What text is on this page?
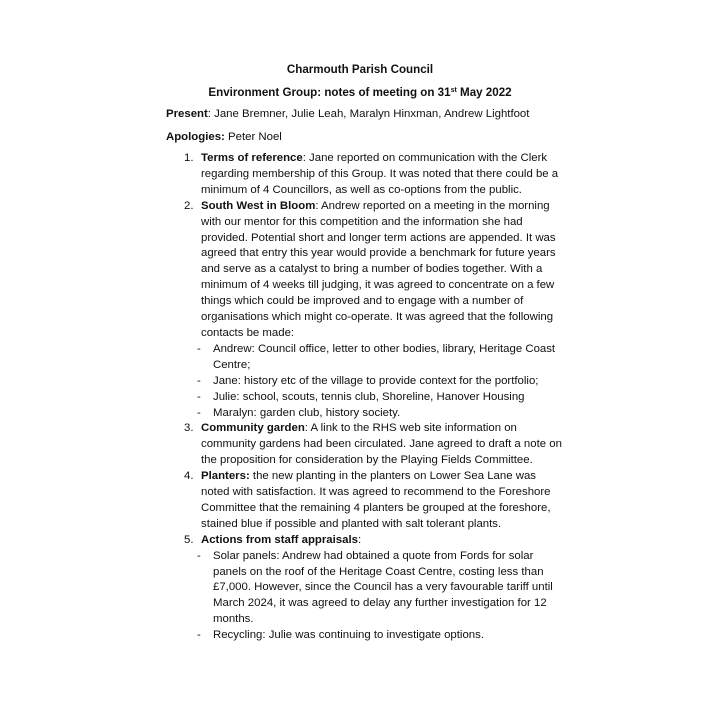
Charmouth Parish Council
Environment Group: notes of meeting on 31st May 2022
Present: Jane Bremner, Julie Leah, Maralyn Hinxman, Andrew Lightfoot
Apologies: Peter Noel
1. Terms of reference: Jane reported on communication with the Clerk regarding membership of this Group. It was noted that there could be a minimum of 4 Councillors, as well as co-options from the public.
2. South West in Bloom: Andrew reported on a meeting in the morning with our mentor for this competition and the information she had provided. Potential short and longer term actions are appended. It was agreed that entry this year would provide a benchmark for future years and serve as a catalyst to bring a number of bodies together. With a minimum of 4 weeks till judging, it was agreed to concentrate on a few things which could be improved and to engage with a number of organisations which might co-operate. It was agreed that the following contacts be made:
- Andrew: Council office, letter to other bodies, library, Heritage Coast Centre;
- Jane: history etc of the village to provide context for the portfolio;
- Julie: school, scouts, tennis club, Shoreline, Hanover Housing
- Maralyn: garden club, history society.
3. Community garden: A link to the RHS web site information on community gardens had been circulated. Jane agreed to draft a note on the proposition for consideration by the Playing Fields Committee.
4. Planters: the new planting in the planters on Lower Sea Lane was noted with satisfaction. It was agreed to recommend to the Foreshore Committee that the remaining 4 planters be grouped at the foreshore, stained blue if possible and planted with salt tolerant plants.
5. Actions from staff appraisals:
- Solar panels: Andrew had obtained a quote from Fords for solar panels on the roof of the Heritage Coast Centre, costing less than £7,000. However, since the Council has a very favourable tariff until March 2024, it was agreed to delay any further investigation for 12 months.
- Recycling: Julie was continuing to investigate options.
